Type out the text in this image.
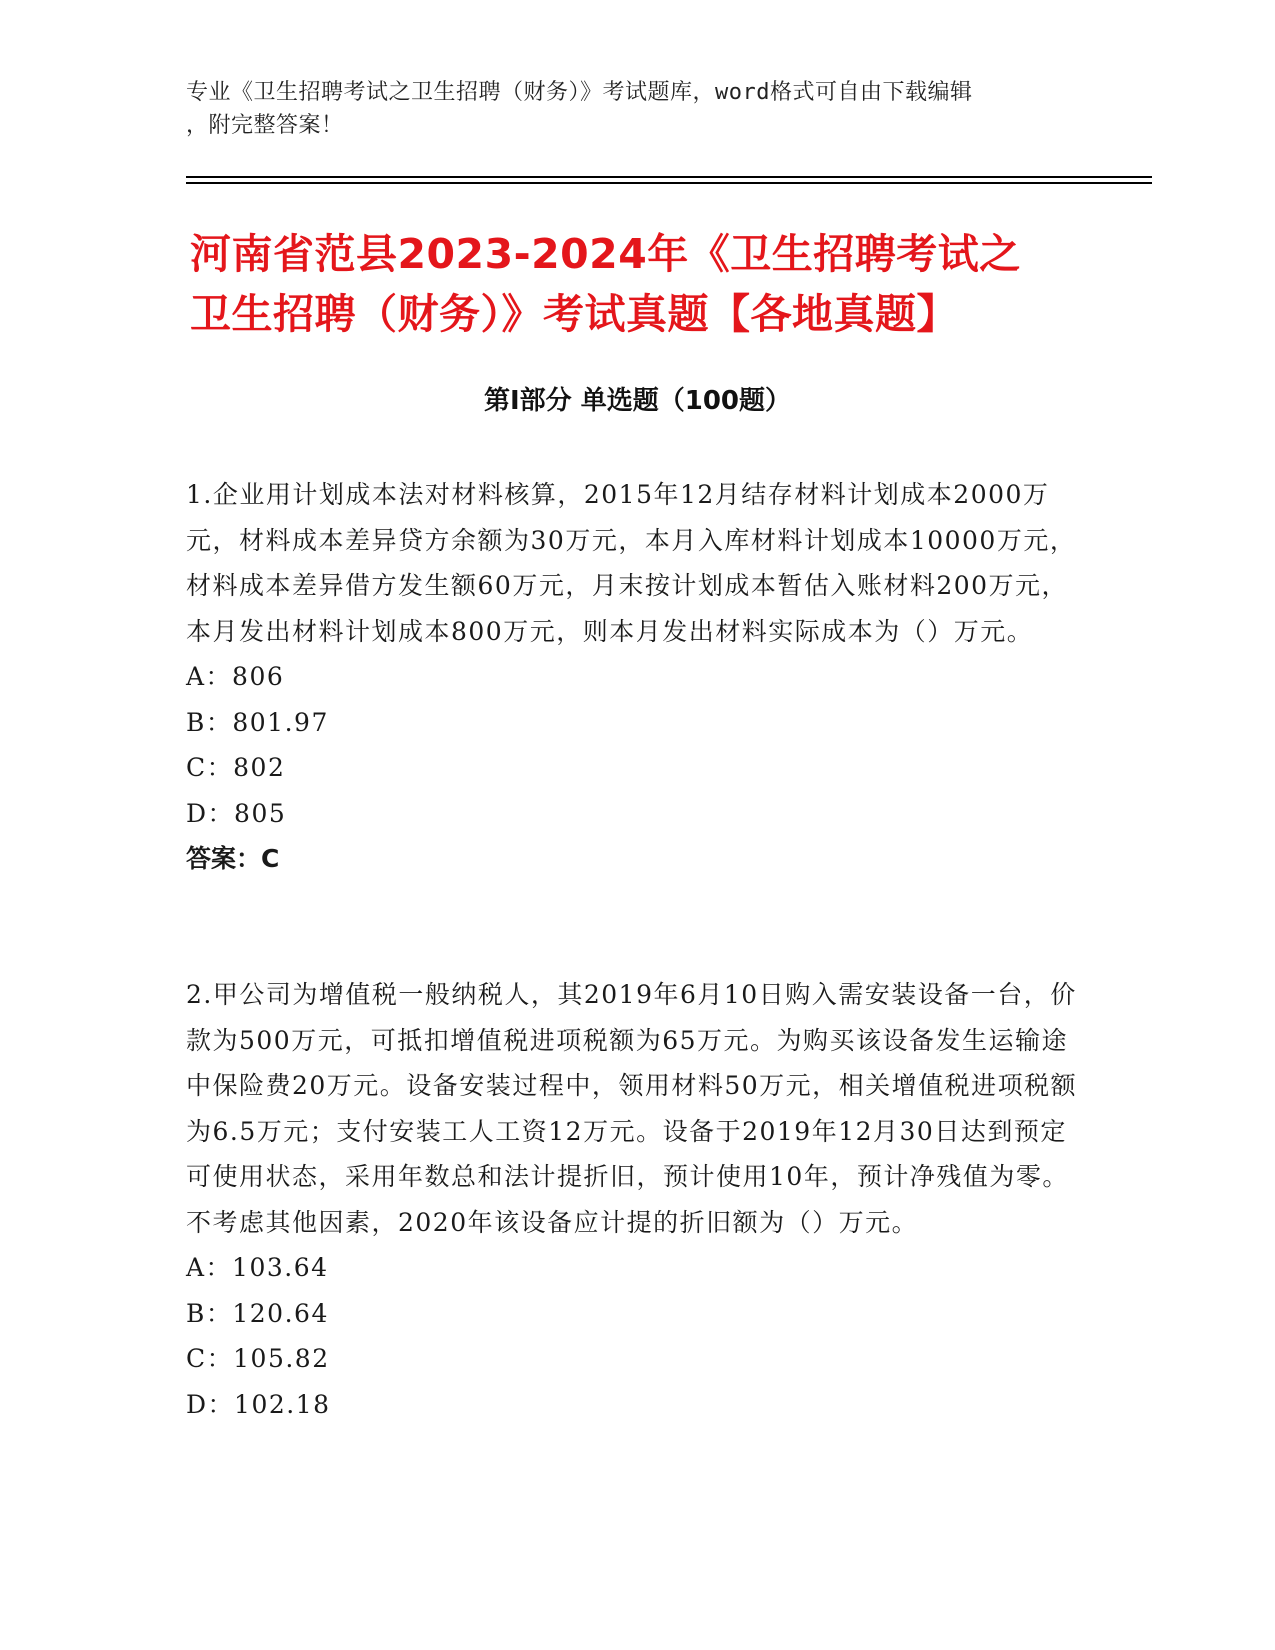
专业《卫生招聘考试之卫生招聘（财务）》考试题库，word格式可自由下载编辑
，附完整答案！
河南省范县2023-2024年《卫生招聘考试之
卫生招聘（财务）》考试真题【各地真题】
第Ⅰ部分 单选题（100题）

1.企业用计划成本法对材料核算，2015年12月结存材料计划成本2000万元，材料成本差异贷方余额为30万元，本月入库材料计划成本10000万元，材料成本差异借方发生额60万元，月末按计划成本暂估入账材料200万元，本月发出材料计划成本800万元，则本月发出材料实际成本为（）万元。

A：806

B：801.97

C：802

D：805

答案：C

2.甲公司为增值税一般纳税人，其2019年6月10日购入需安装设备一台，价款为500万元，可抵扣增值税进项税额为65万元。为购买该设备发生运输途中保险费20万元。设备安装过程中，领用材料50万元，相关增值税进项税额为6.5万元；支付安装工人工资12万元。设备于2019年12月30日达到预定可使用状态，采用年数总和法计提折旧，预计使用10年，预计净残值为零。不考虑其他因素，2020年该设备应计提的折旧额为（）万元。

A：103.64

B：120.64

C：105.82

D：102.18
